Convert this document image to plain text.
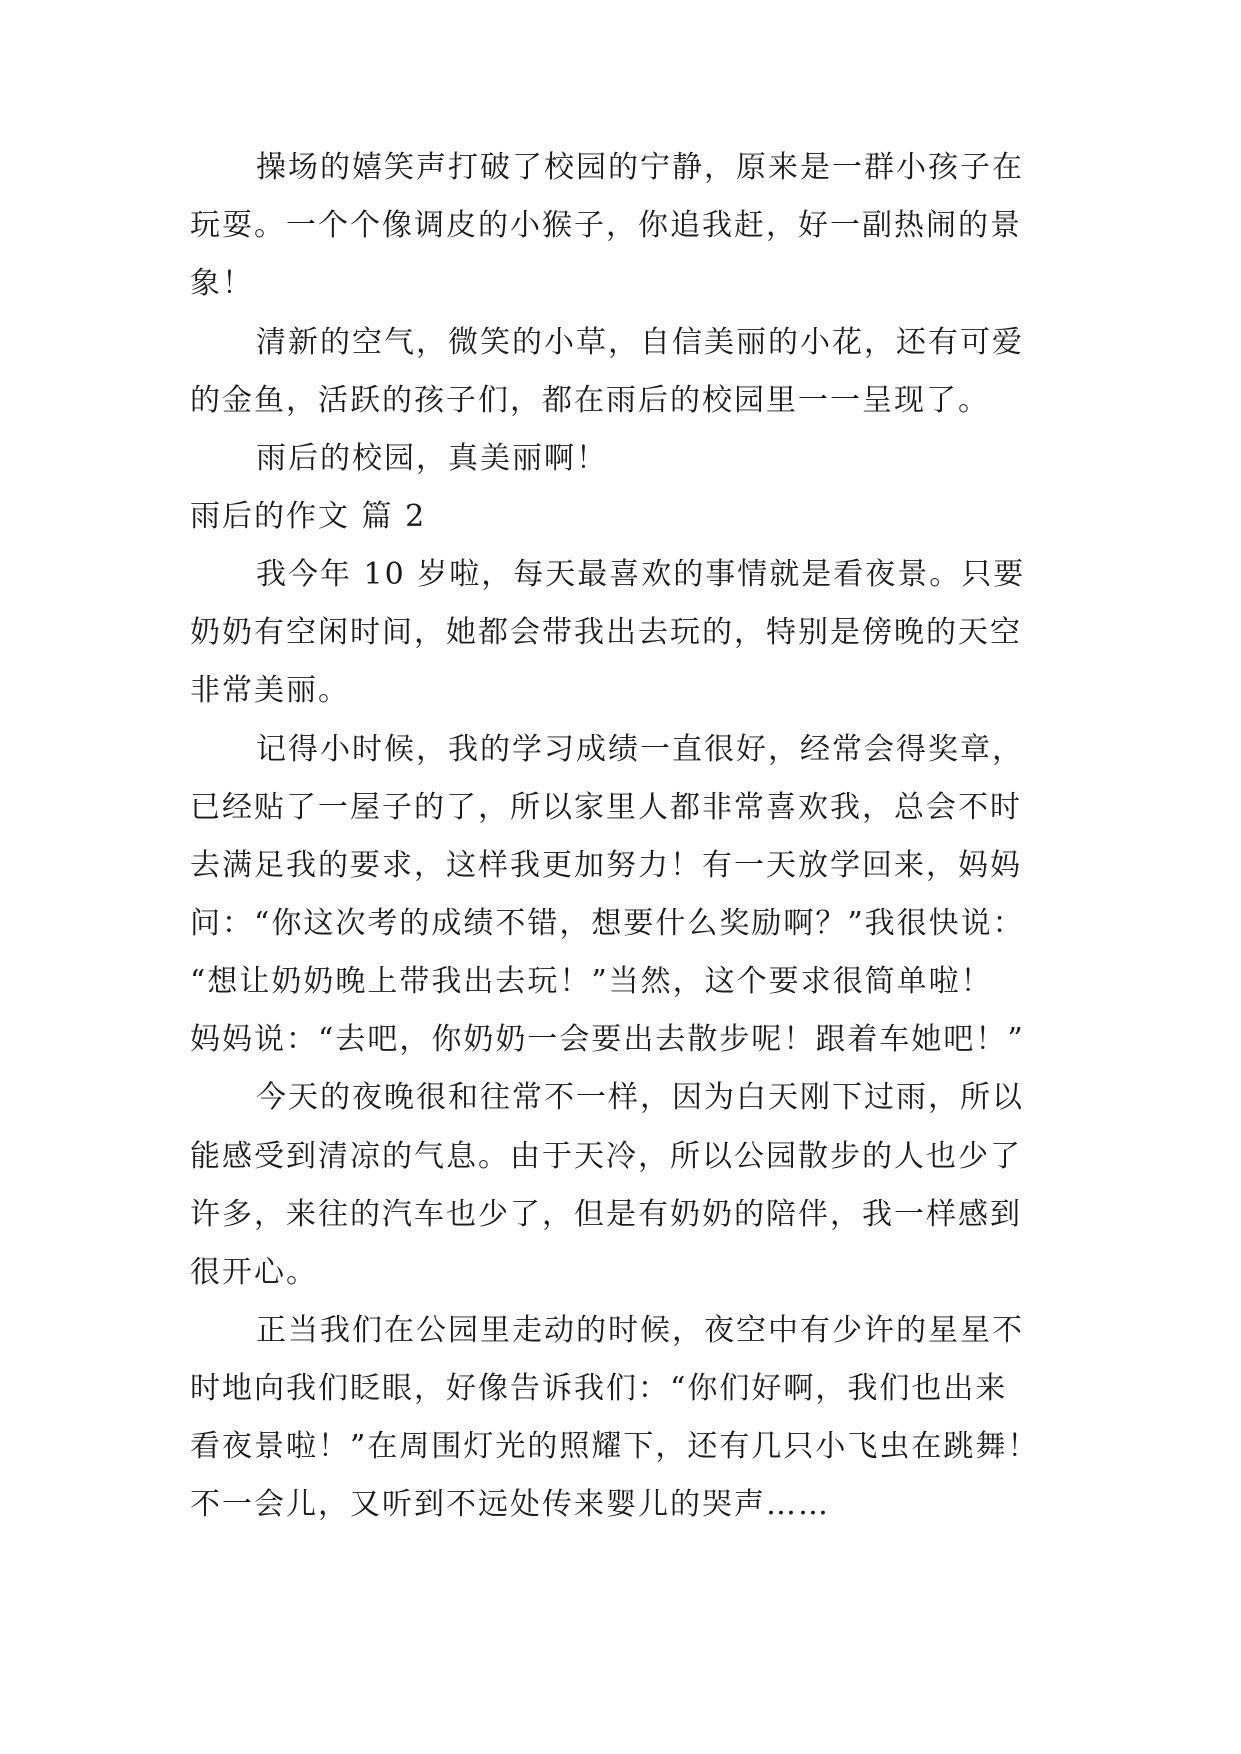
操场的嬉笑声打破了校园的宁静，原来是一群小孩子在
玩耍。一个个像调皮的小猴子，你追我赶，好一副热闹的景
象！
清新的空气，微笑的小草，自信美丽的小花，还有可爱
的金鱼，活跃的孩子们，都在雨后的校园里一一呈现了。
雨后的校园，真美丽啊！
雨后的作文 篇 2
我今年 10 岁啦，每天最喜欢的事情就是看夜景。只要
奶奶有空闲时间，她都会带我出去玩的，特别是傍晚的天空
非常美丽。
记得小时候，我的学习成绩一直很好，经常会得奖章，
已经贴了一屋子的了，所以家里人都非常喜欢我，总会不时
去满足我的要求，这样我更加努力！有一天放学回来，妈妈
问：“你这次考的成绩不错，想要什么奖励啊？”我很快说：
“想让奶奶晚上带我出去玩！”当然，这个要求很简单啦！
妈妈说：“去吧，你奶奶一会要出去散步呢！跟着车她吧！”
今天的夜晚很和往常不一样，因为白天刚下过雨，所以
能感受到清凉的气息。由于天冷，所以公园散步的人也少了
许多，来往的汽车也少了，但是有奶奶的陪伴，我一样感到
很开心。
正当我们在公园里走动的时候，夜空中有少许的星星不
时地向我们眨眼，好像告诉我们：“你们好啊，我们也出来
看夜景啦！”在周围灯光的照耀下，还有几只小飞虫在跳舞！
不一会儿，又听到不远处传来婴儿的哭声……
